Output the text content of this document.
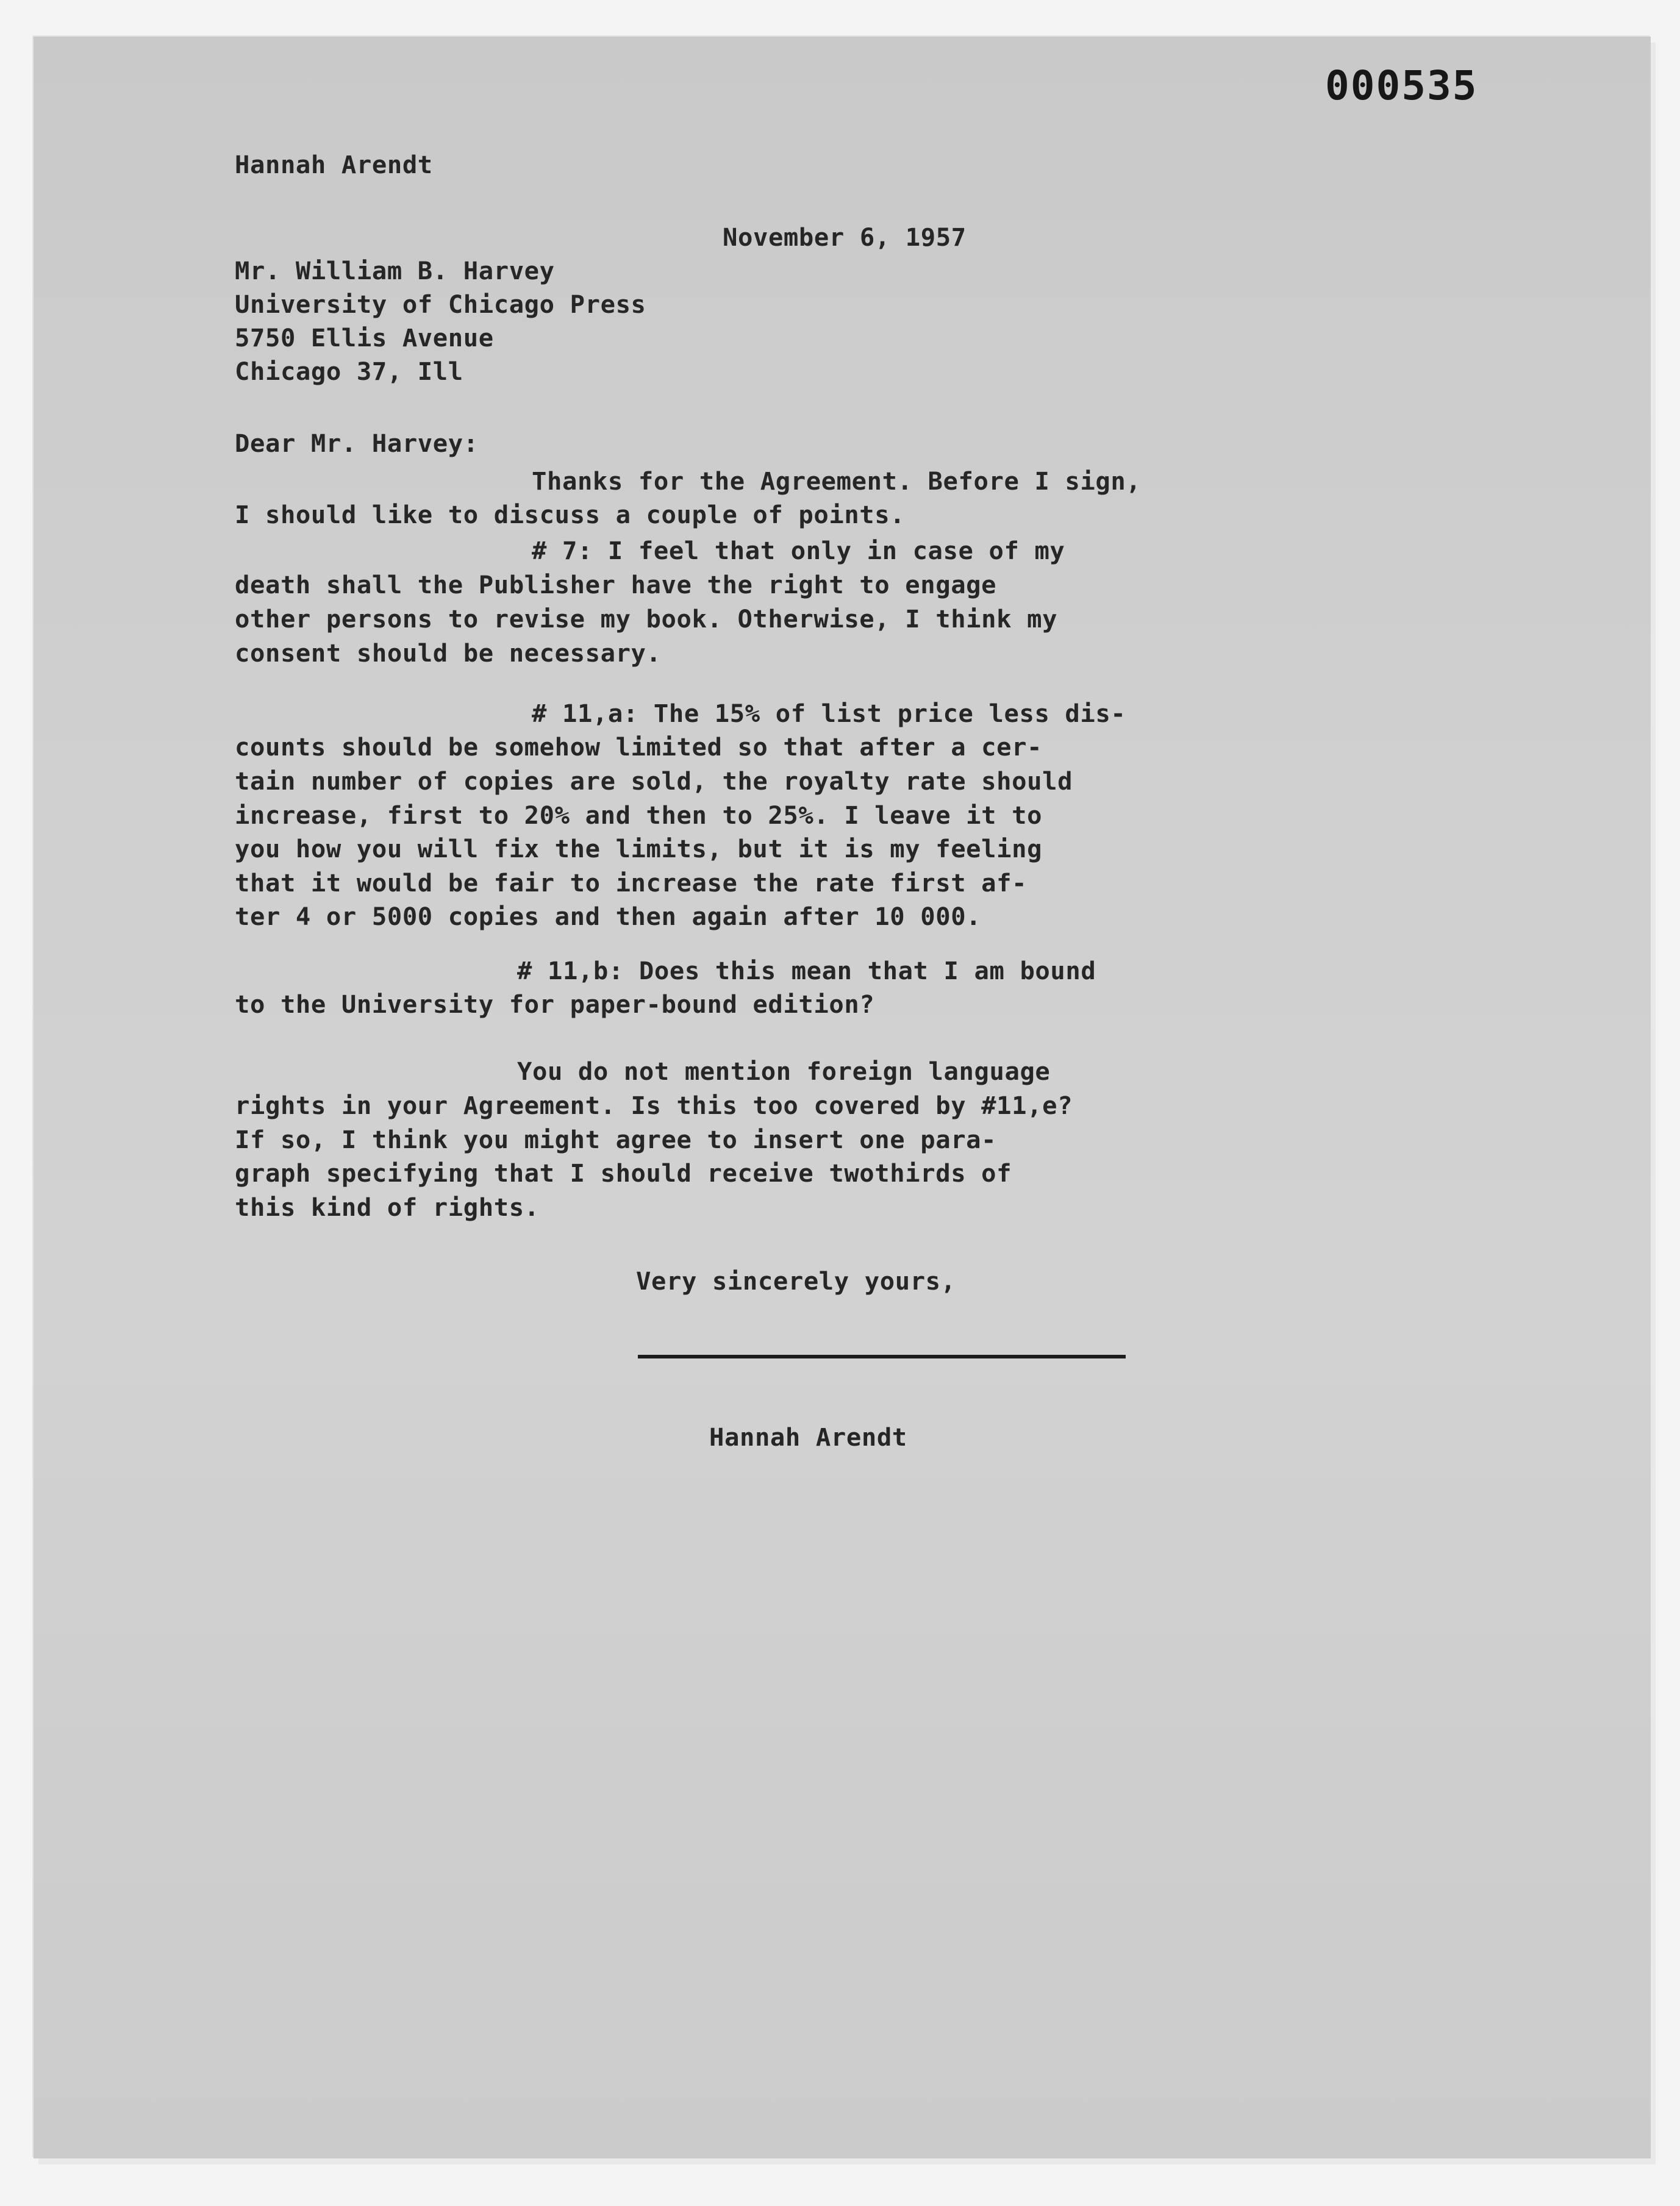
000535
Hannah Arendt
November 6, 1957
Mr. William B. Harvey
University of Chicago Press
5750 Ellis Avenue
Chicago 37, Ill
Dear Mr. Harvey:
Thanks for the Agreement. Before I sign,
I should like to discuss a couple of points.
# 7: I feel that only in case of my
death shall the Publisher have the right to engage
other persons to revise my book. Otherwise, I think my
consent should be necessary.
# 11,a: The 15% of list price less dis-
counts should be somehow limited so that after a cer-
tain number of copies are sold, the royalty rate should
increase, first to 20% and then to 25%. I leave it to
you how you will fix the limits, but it is my feeling
that it would be fair to increase the rate first af-
ter 4 or 5000 copies and then again after 10 000.
# 11,b: Does this mean that I am bound
to the University for paper-bound edition?
You do not mention foreign language
rights in your Agreement. Is this too covered by #11,e?
If so, I think you might agree to insert one para-
graph specifying that I should receive twothirds of
this kind of rights.
Very sincerely yours,
Hannah Arendt
